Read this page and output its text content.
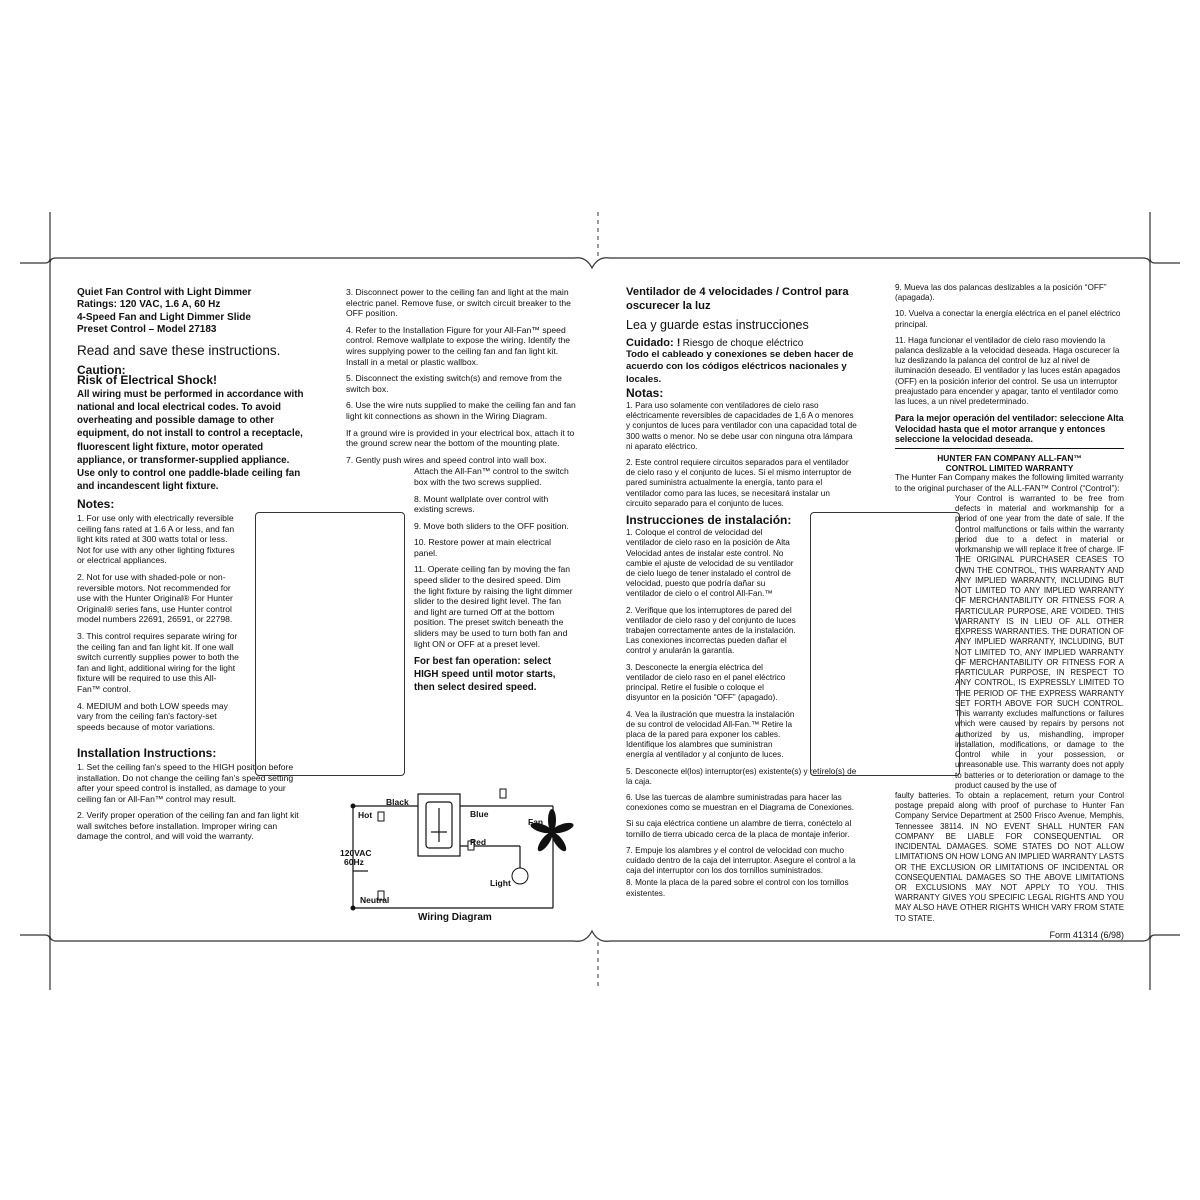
Quiet Fan Control with Light Dimmer
Ratings: 120 VAC, 1.6 A, 60 Hz
4-Speed Fan and Light Dimmer Slide
Preset Control – Model 27183
Read and save these instructions.
Caution:
Risk of Electrical Shock!

All wiring must be performed in accordance with national and local electrical codes. To avoid overheating and possible damage to other equipment, do not install to control a receptacle, fluorescent light fixture, motor operated appliance, or transformer-supplied appliance. Use only to control one paddle-blade ceiling fan and incandescent light fixture.

Notes:

1. For use only with electrically reversible ceiling fans rated at 1.6 A or less, and fan light kits rated at 300 watts total or less. Not for use with any other lighting fixtures or electrical appliances.

2. Not for use with shaded-pole or non-reversible motors. Not recommended for use with the Hunter Original® For Hunter Original® series fans, use Hunter control model numbers 22691, 26591, or 22798.

3. This control requires separate wiring for the ceiling fan and fan light kit. If one wall switch currently supplies power to both the fan and light, additional wiring for the light fixture will be required to use this All-Fan™ control.

4. MEDIUM and both LOW speeds may vary from the ceiling fan's factory-set speeds because of motor variations.

Installation Instructions:

1. Set the ceiling fan's speed to the HIGH position before installation. Do not change the ceiling fan's speed setting after your speed control is installed, as damage to your ceiling fan or All-Fan™ control may result.

2. Verify proper operation of the ceiling fan and fan light kit wall switches before installation. Improper wiring can damage the control, and will void the warranty.

3. Disconnect power to the ceiling fan and light at the main electric panel. Remove fuse, or switch circuit breaker to the OFF position.

4. Refer to the Installation Figure for your All-Fan™ speed control. Remove wallplate to expose the wiring. Identify the wires supplying power to the ceiling fan and fan light kit. Install in a metal or plastic wallbox.

5. Disconnect the existing switch(s) and remove from the switch box.

6. Use the wire nuts supplied to make the ceiling fan and fan light kit connections as shown in the Wiring Diagram.

If a ground wire is provided in your electrical box, attach it to the ground screw near the bottom of the mounting plate.

7. Gently push wires and speed control into wall box.

Attach the All-Fan™ control to the switch box with the two screws supplied.

8. Mount wallplate over control with existing screws.

9. Move both sliders to the OFF position.

10. Restore power at main electrical panel.

11. Operate ceiling fan by moving the fan speed slider to the desired speed. Dim the light fixture by raising the light dimmer slider to the desired light level. The fan and light are turned Off at the bottom position. The preset switch beneath the sliders may be used to turn both fan and light ON or OFF at a preset level.

For best fan operation: select HIGH speed until motor starts, then select desired speed.

Black
Hot	Blue
Red
Fan
Light
120VAC
60Hz
Neutral
Wiring Diagram
Ventilador de 4 velocidades / Control para oscurecer la luz
Lea y guarde estas instrucciones
Cuidado: ! Riesgo de choque eléctrico

Todo el cableado y conexiones se deben hacer de acuerdo con los códigos eléctricos nacionales y locales.

Notas:

1. Para uso solamente con ventiladores de cielo raso eléctricamente reversibles de capacidades de 1,6 A o menores y conjuntos de luces para ventilador con una capacidad total de 300 watts o menor. No se debe usar con ninguna otra lámpara ni aparato eléctrico.

2. Este control requiere circuitos separados para el ventilador de cielo raso y el conjunto de luces. Si el mismo interruptor de pared suministra actualmente la energía, tanto para el ventilador como para las luces, se necesitará instalar un circuito separado para el conjunto de luces.

Instrucciones de instalación:

1. Coloque el control de velocidad del ventilador de cielo raso en la posición de Alta Velocidad antes de instalar este control. No cambie el ajuste de velocidad de su ventilador de cielo luego de tener instalado el control de velocidad, puesto que podría dañar su ventilador de cielo o el control All-Fan.™

2. Verifique que los interruptores de pared del ventilador de cielo raso y del conjunto de luces trabajen correctamente antes de la instalación. Las conexiones incorrectas pueden dañar el control y anularán la garantía.

3. Desconecte la energía eléctrica del ventilador de cielo raso en el panel eléctrico principal. Retire el fusible o coloque el disyuntor en la posición “OFF” (apagado).

4. Vea la ilustración que muestra la instalación de su control de velocidad All-Fan.™ Retire la placa de la pared para exponer los cables. Identifique los alambres que suministran energía al ventilador y al conjunto de luces.

5. Desconecte el(los) interruptor(es) existente(s) y retírelo(s) de la caja.

6. Use las tuercas de alambre suministradas para hacer las conexiones como se muestran en el Diagrama de Conexiones.

Si su caja eléctrica contiene un alambre de tierra, conéctelo al tornillo de tierra ubicado cerca de la placa de montaje inferior.

7. Empuje los alambres y el control de velocidad con mucho cuidado dentro de la caja del interruptor. Asegure el control a la caja del interruptor con los dos tornillos suministrados.

8. Monte la placa de la pared sobre el control con los tornillos existentes.

9. Mueva las dos palancas deslizables a la posición “OFF” (apagada).

10. Vuelva a conectar la energía eléctrica en el panel eléctrico principal.

11. Haga funcionar el ventilador de cielo raso moviendo la palanca deslizable a la velocidad deseada. Haga oscurecer la luz deslizando la palanca del control de luz al nivel de iluminación deseado. El ventilador y las luces están apagados (OFF) en la posición inferior del control. Se usa un interruptor preajustado para encender y apagar, tanto el ventilador como las luces, a un nivel predeterminado.

Para la mejor operación del ventilador: seleccione Alta Velocidad hasta que el motor arranque y entonces seleccione la velocidad deseada.

HUNTER FAN COMPANY ALL-FAN™
CONTROL LIMITED WARRANTY
The Hunter Fan Company makes the following limited warranty to the original purchaser of the ALL-FAN™ Control (“Control”):
Your Control is warranted to be free from defects in material and workmanship for a period of one year from the date of sale. If the Control malfunctions or fails within the warranty period due to a defect in material or workmanship we will replace it free of charge. IF THE ORIGINAL PURCHASER CEASES TO OWN THE CONTROL, THIS WARRANTY AND ANY IMPLIED WARRANTY, INCLUDING BUT NOT LIMITED TO ANY IMPLIED WARRANTY OF MERCHANTABILITY OR FITNESS FOR A PARTICULAR PURPOSE, ARE VOIDED. THIS WARRANTY IS IN LIEU OF ALL OTHER EXPRESS WARRANTIES. THE DURATION OF ANY IMPLIED WARRANTY, INCLUDING, BUT NOT LIMITED TO, ANY IMPLIED WARRANTY OF MERCHANTABILITY OR FITNESS FOR A PARTICULAR PURPOSE, IN RESPECT TO ANY CONTROL, IS EXPRESSLY LIMITED TO THE PERIOD OF THE EXPRESS WARRANTY SET FORTH ABOVE FOR SUCH CONTROL. This warranty excludes malfunctions or failures which were caused by repairs by persons not authorized by us, mishandling, improper installation, modifications, or damage to the Control while in your possession, or unreasonable use. This warranty does not apply to batteries or to deterioration or damage to the product caused by the use of
faulty batteries. To obtain a replacement, return your Control postage prepaid along with proof of purchase to Hunter Fan Company Service Department at 2500 Frisco Avenue, Memphis, Tennessee 38114. IN NO EVENT SHALL HUNTER FAN COMPANY BE LIABLE FOR CONSEQUENTIAL OR INCIDENTAL DAMAGES. SOME STATES DO NOT ALLOW LIMITATIONS ON HOW LONG AN IMPLIED WARRANTY LASTS OR THE EXCLUSION OR LIMITATIONS OF INCIDENTAL OR CONSEQUENTIAL DAMAGES SO THE ABOVE LIMITATIONS OR EXCLUSIONS MAY NOT APPLY TO YOU. THIS WARRANTY GIVES YOU SPECIFIC LEGAL RIGHTS AND YOU MAY ALSO HAVE OTHER RIGHTS WHICH VARY FROM STATE TO STATE.
Form 41314 (6/98)
